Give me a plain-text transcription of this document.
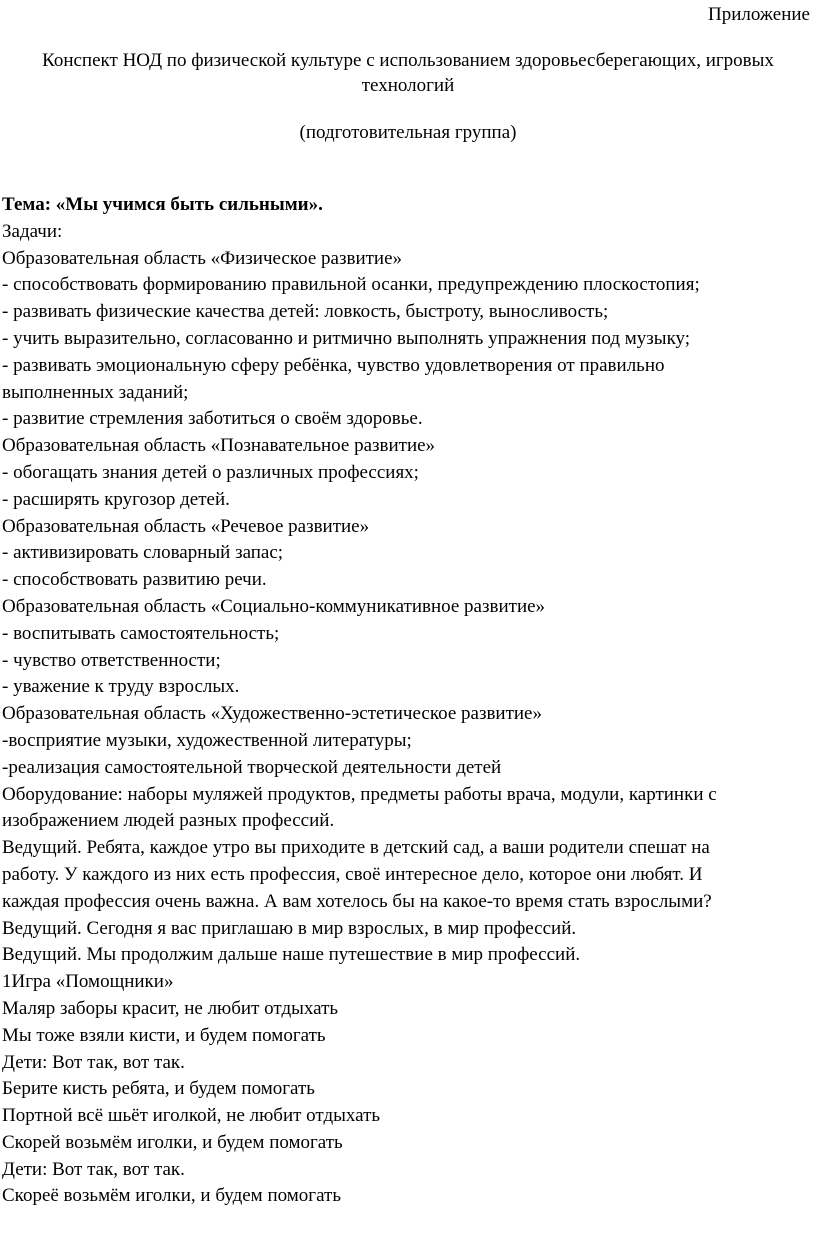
Приложение
Конспект НОД по физической культуре с использованием здоровьесберегающих, игровых
технологий
(подготовительная группа)
Тема: «Мы учимся быть сильными».
Задачи:
Образовательная область «Физическое развитие»
- способствовать формированию правильной осанки, предупреждению плоскостопия;
- развивать физические качества детей: ловкость, быстроту, выносливость;
- учить выразительно, согласованно и ритмично выполнять упражнения под музыку;
- развивать эмоциональную сферу ребёнка, чувство удовлетворения от правильно
выполненных заданий;
- развитие стремления заботиться о своём здоровье.
Образовательная область «Познавательное развитие»
- обогащать знания детей о различных профессиях;
- расширять кругозор детей.
Образовательная область «Речевое развитие»
- активизировать словарный запас;
- способствовать развитию речи.
Образовательная область «Социально-коммуникативное развитие»
- воспитывать самостоятельность;
- чувство ответственности;
- уважение к труду взрослых.
Образовательная область «Художественно-эстетическое развитие»
-восприятие музыки, художественной литературы;
-реализация самостоятельной творческой деятельности детей
Оборудование: наборы муляжей продуктов, предметы работы врача, модули, картинки с
изображением людей разных профессий.
Ведущий. Ребята, каждое утро вы приходите в детский сад, а ваши родители спешат на
работу. У каждого из них есть профессия, своё интересное дело, которое они любят. И
каждая профессия очень важна. А вам хотелось бы на какое-то время стать взрослыми?
Ведущий. Сегодня я вас приглашаю в мир взрослых, в мир профессий.
Ведущий. Мы продолжим дальше наше путешествие в мир профессий.
1Игра «Помощники»
Маляр заборы красит, не любит отдыхать
Мы тоже взяли кисти, и будем помогать
Дети: Вот так, вот так.
Берите кисть ребята, и будем помогать
Портной всё шьёт иголкой, не любит отдыхать
Скорей возьмём иголки, и будем помогать
Дети: Вот так, вот так.
Скореё возьмём иголки, и будем помогать
